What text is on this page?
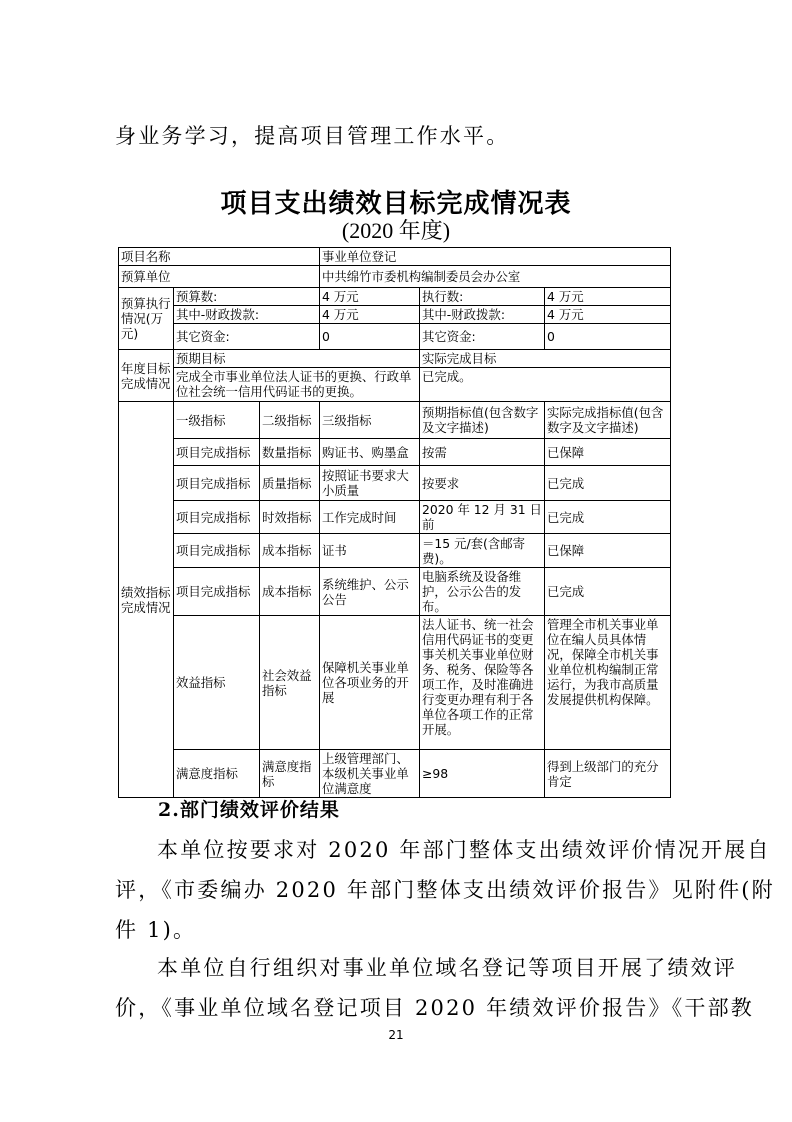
身业务学习，提高项目管理工作水平。
项目支出绩效目标完成情况表
(2020 年度)
项目名称			事业单位登记		
预算单位			中共绵竹市委机构编制委员会办公室		
预算执行情况(万元)	预算数:		4 万元	执行数:	4 万元
	其中-财政拨款:		4 万元	其中-财政拨款:	4 万元
	其它资金:		0	其它资金:	0
年度目标完成情况	预期目标			实际完成目标	
	完成全市事业单位法人证书的更换、行政单位社会统一信用代码证书的更换。			已完成。	
绩效指标完成情况	一级指标	二级指标	三级指标	预期指标值(包含数字及文字描述)	实际完成指标值(包含数字及文字描述)
	项目完成指标	数量指标	购证书、购墨盒	按需	已保障
	项目完成指标	质量指标	按照证书要求大小质量	按要求	已完成
	项目完成指标	时效指标	工作完成时间	2020 年 12 月 31 日前	已完成
	项目完成指标	成本指标	证书	＝15 元/套(含邮寄费)。	已保障
	项目完成指标	成本指标	系统维护、公示公告	电脑系统及设备维护，公示公告的发布。	已完成
	效益指标	社会效益指标	保障机关事业单位各项业务的开展	法人证书、统一社会信用代码证书的变更事关机关事业单位财务、税务、保险等各项工作，及时准确进行变更办理有利于各单位各项工作的正常开展。	管理全市机关事业单位在编人员具体情况，保障全市机关事业单位机构编制正常运行，为我市高质量发展提供机构保障。
	满意度指标	满意度指标	上级管理部门、本级机关事业单位满意度	≥98	得到上级部门的充分肯定
2.部门绩效评价结果
本单位按要求对 2020 年部门整体支出绩效评价情况开展自
评，《市委编办 2020 年部门整体支出绩效评价报告》见附件(附
件 1)。
本单位自行组织对事业单位域名登记等项目开展了绩效评
价，《事业单位域名登记项目 2020 年绩效评价报告》《干部教
21
